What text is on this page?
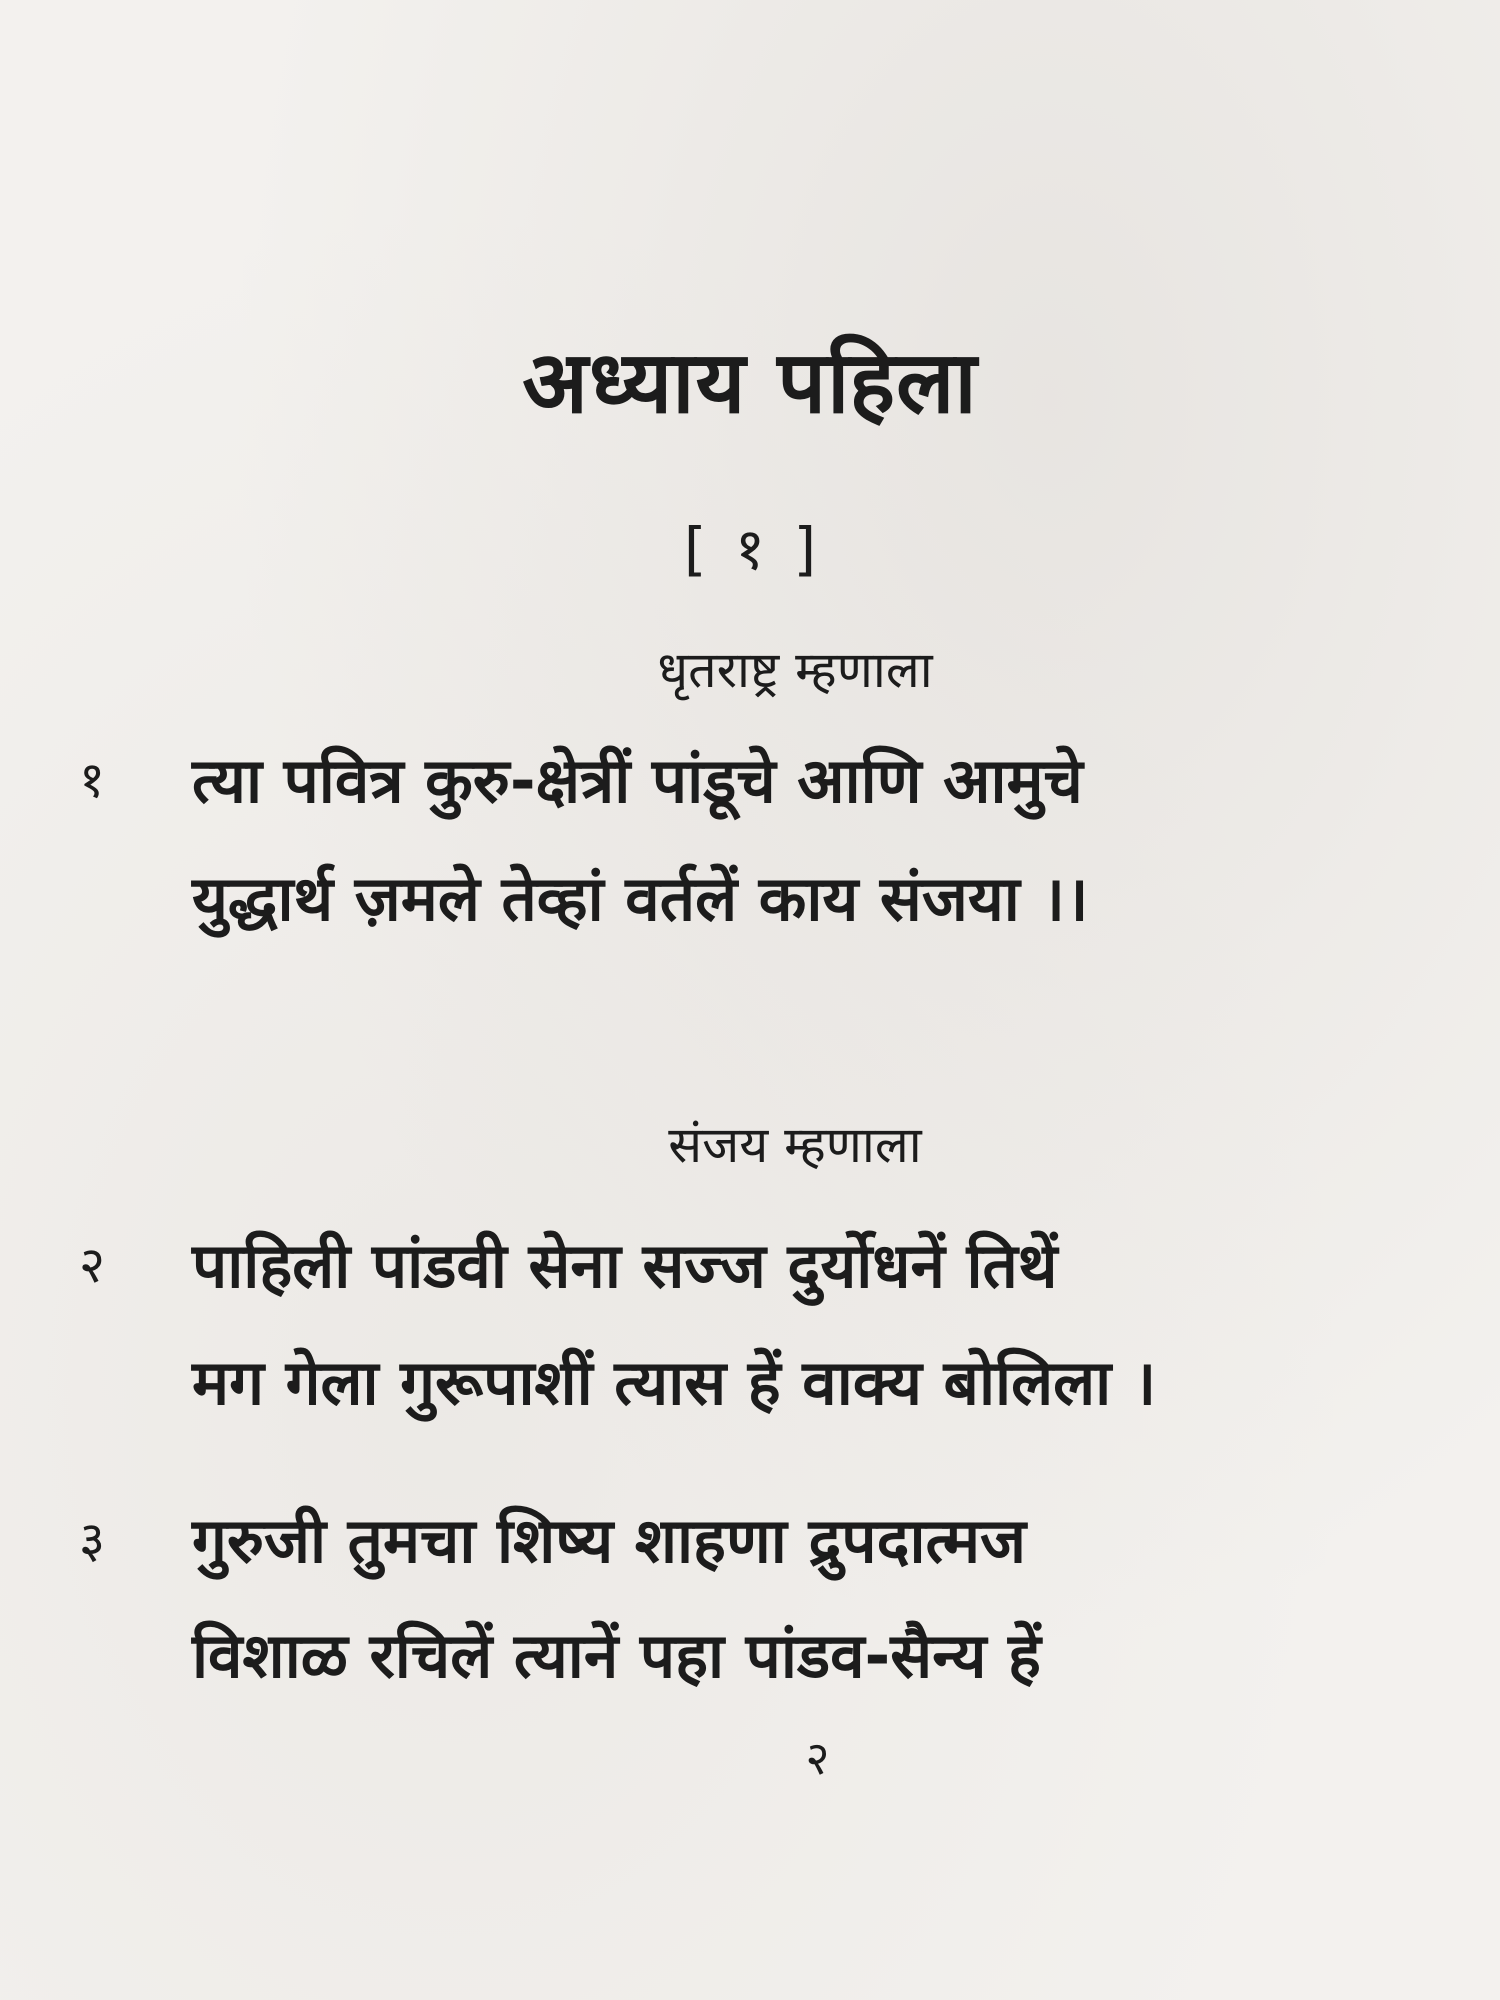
अध्याय पहिला
[ १ ]
धृतराष्ट्र म्हणाला
१ त्या पवित्र कुरु-क्षेत्रीं पांडूचे आणि आमुचे
युद्धार्थ ज़मले तेव्हां वर्तलें काय संजया ।।
संजय म्हणाला
२ पाहिली पांडवी सेना सज्ज दुर्योधनें तिथें
मग गेला गुरूपाशीं त्यास हें वाक्य बोलिला ।
३ गुरुजी तुमचा शिष्य शाहणा द्रुपदात्मज
विशाळ रचिलें त्यानें पहा पांडव-सैन्य हें
२
